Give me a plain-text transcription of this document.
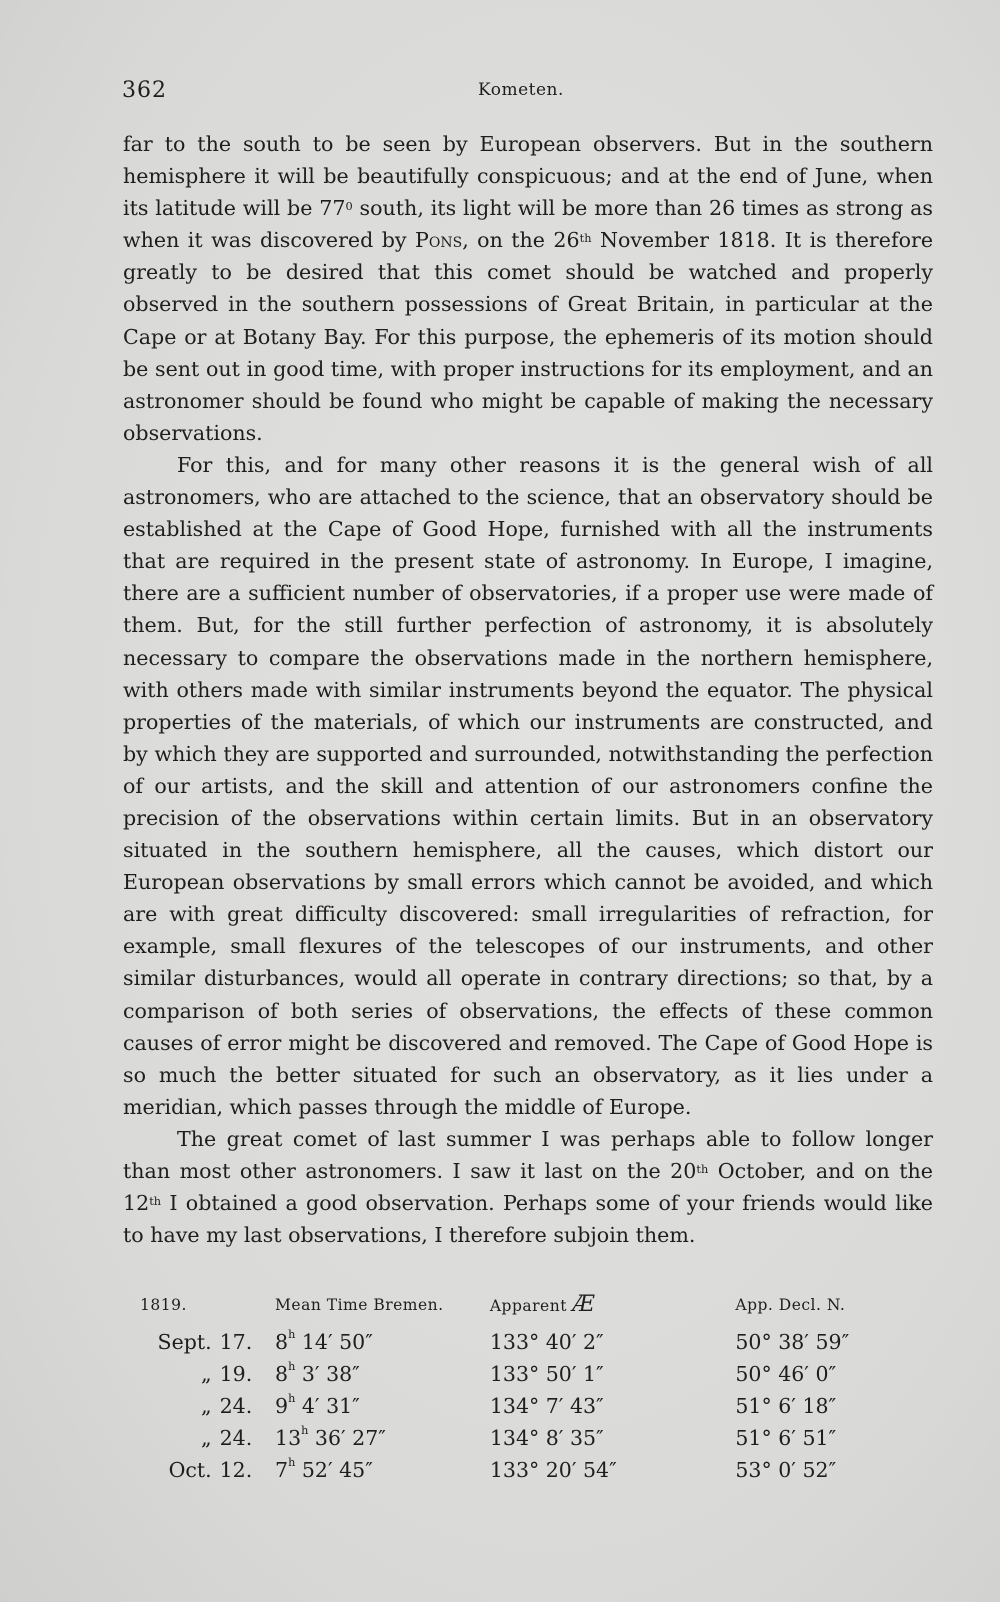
362	Kometen.

far to the south to be seen by European observers. But in the southern hemisphere it will be beautifully conspicuous; and at the end of June, when its latitude will be $77^0$ south, its light will be more than 26 times as strong as when it was discovered by Pons, on the 26th November 1818. It is therefore greatly to be desired that this comet should be watched and properly observed in the southern possessions of Great Britain, in particular at the Cape or at Botany Bay. For this purpose, the ephemeris of its motion should be sent out in good time, with proper instructions for its employment, and an astronomer should be found who might be capable of making the necessary observations.

For this, and for many other reasons it is the general wish of all astronomers, who are attached to the science, that an observatory should be established at the Cape of Good Hope, furnished with all the instruments that are required in the present state of astronomy. In Europe, I imagine, there are a sufficient number of observatories, if a proper use were made of them. But, for the still further perfection of astronomy, it is absolutely necessary to compare the observations made in the northern hemisphere, with others made with similar instruments beyond the equator. The physical properties of the materials, of which our instruments are constructed, and by which they are supported and surrounded, notwithstanding the perfection of our artists, and the skill and attention of our astronomers confine the precision of the observations within certain limits. But in an observatory situated in the southern hemisphere, all the causes, which distort our European observations by small errors which cannot be avoided, and which are with great difficulty discovered: small irregularities of refraction, for example, small flexures of the telescopes of our instruments, and other similar disturbances, would all operate in contrary directions; so that, by a comparison of both series of observations, the effects of these common causes of error might be discovered and removed. The Cape of Good Hope is so much the better situated for such an observatory, as it lies under a meridian, which passes through the middle of Europe.

The great comet of last summer I was perhaps able to follow longer than most other astronomers. I saw it last on the 20th October, and on the 12th I obtained a good observation. Perhaps some of your friends would like to have my last observations, I therefore subjoin them.

1819.		Mean Time Bremen.	Apparent Æ	App. Decl. N.
Sept.	17.	8$^h$ 14′ 50″	133° 40′ 2″	50° 38′ 59″
„	19.	8$^h$ 3′ 38″	133° 50′ 1″	50° 46′ 0″
„	24.	9$^h$ 4′ 31″	134° 7′ 43″	51° 6′ 18″
„	24.	13$^h$ 36′ 27″	134° 8′ 35″	51° 6′ 51″
Oct.	12.	7$^h$ 52′ 45″	133° 20′ 54″	53° 0′ 52″
